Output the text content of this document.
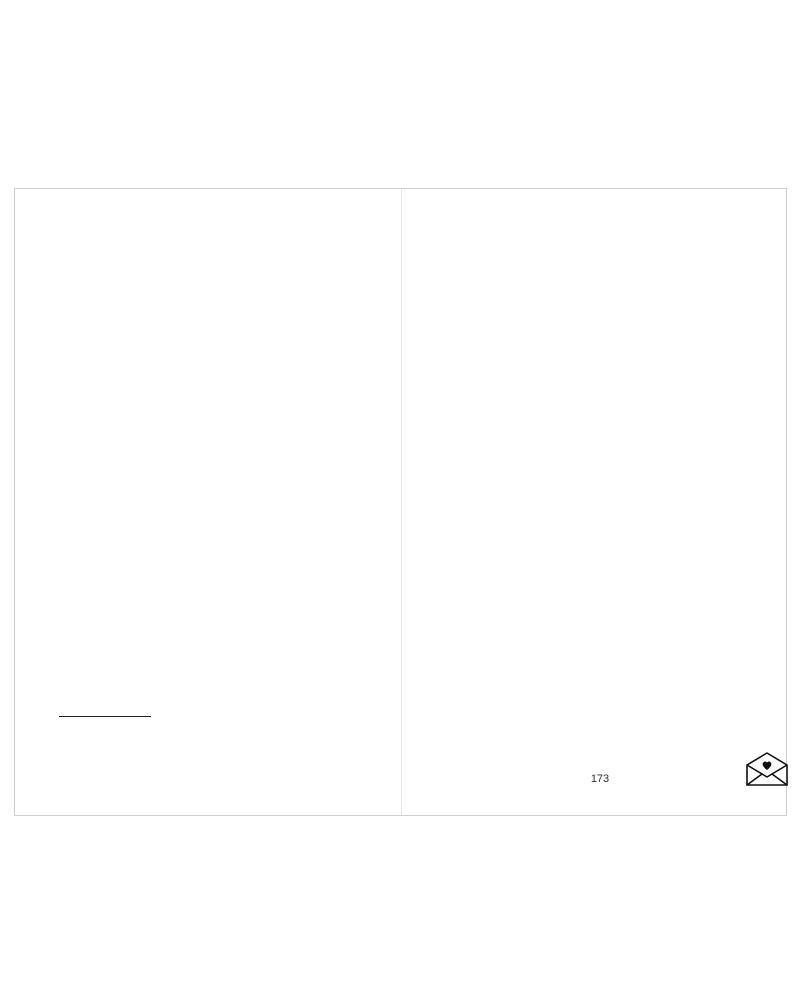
173
